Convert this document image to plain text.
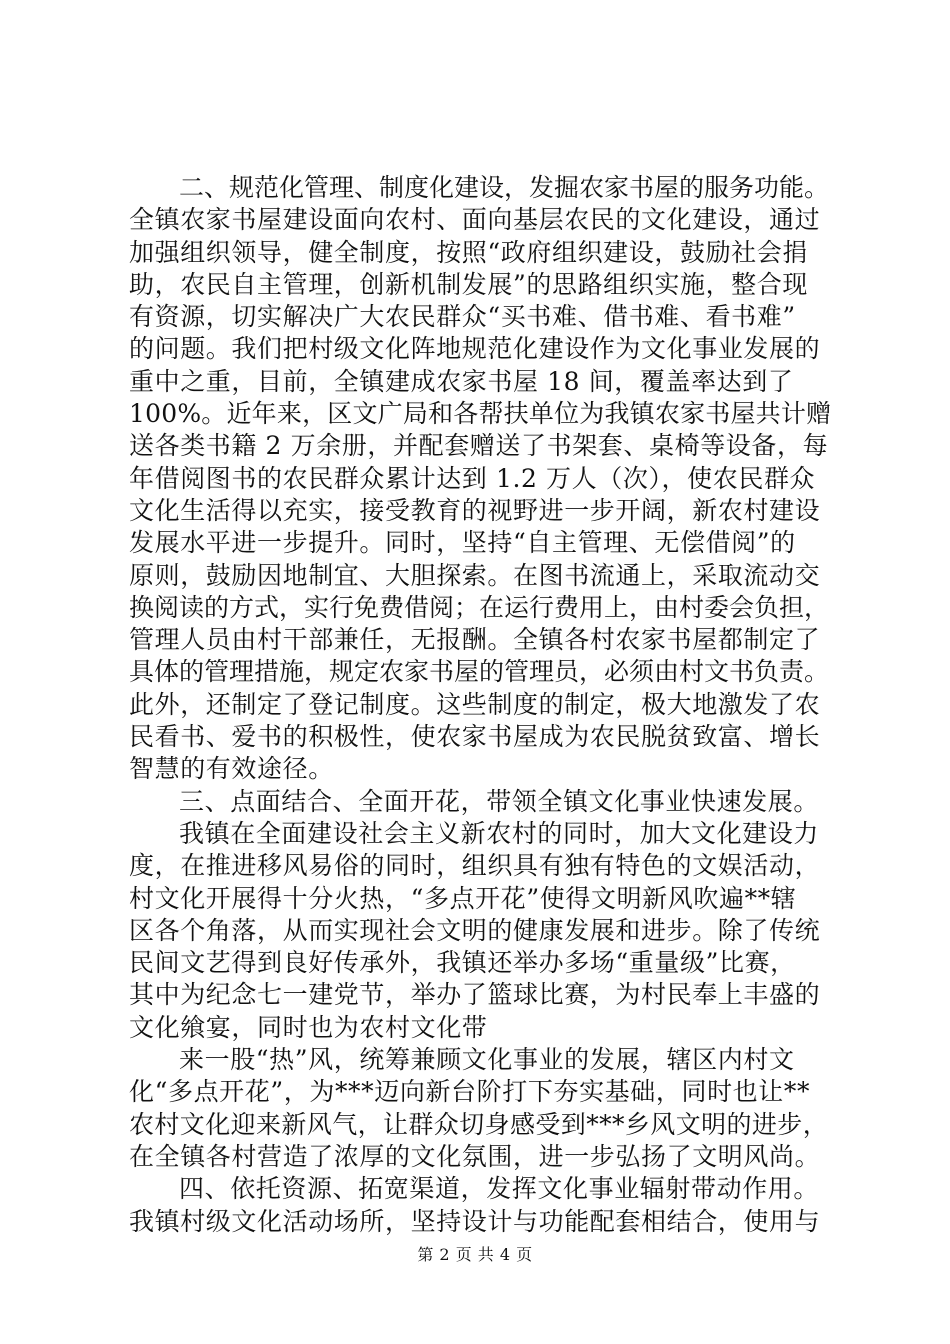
二、规范化管理、制度化建设，发掘农家书屋的服务功能。
全镇农家书屋建设面向农村、面向基层农民的文化建设，通过
加强组织领导，健全制度，按照“政府组织建设，鼓励社会捐
助，农民自主管理，创新机制发展”的思路组织实施，整合现
有资源，切实解决广大农民群众“买书难、借书难、看书难”
的问题。我们把村级文化阵地规范化建设作为文化事业发展的
重中之重，目前，全镇建成农家书屋 18 间，覆盖率达到了
100%。近年来，区文广局和各帮扶单位为我镇农家书屋共计赠
送各类书籍 2 万余册，并配套赠送了书架套、桌椅等设备，每
年借阅图书的农民群众累计达到 1.2 万人（次），使农民群众
文化生活得以充实，接受教育的视野进一步开阔，新农村建设
发展水平进一步提升。同时，坚持“自主管理、无偿借阅”的
原则，鼓励因地制宜、大胆探索。在图书流通上，采取流动交
换阅读的方式，实行免费借阅；在运行费用上，由村委会负担，
管理人员由村干部兼任，无报酬。全镇各村农家书屋都制定了
具体的管理措施，规定农家书屋的管理员，必须由村文书负责。
此外，还制定了登记制度。这些制度的制定，极大地激发了农
民看书、爱书的积极性，使农家书屋成为农民脱贫致富、增长
智慧的有效途径。
三、点面结合、全面开花，带领全镇文化事业快速发展。
我镇在全面建设社会主义新农村的同时，加大文化建设力
度，在推进移风易俗的同时，组织具有独有特色的文娱活动，
村文化开展得十分火热，“多点开花”使得文明新风吹遍**辖
区各个角落，从而实现社会文明的健康发展和进步。除了传统
民间文艺得到良好传承外，我镇还举办多场“重量级”比赛，
其中为纪念七一建党节，举办了篮球比赛，为村民奉上丰盛的
文化飨宴，同时也为农村文化带
来一股“热”风，统筹兼顾文化事业的发展，辖区内村文
化“多点开花”，为***迈向新台阶打下夯实基础，同时也让**
农村文化迎来新风气，让群众切身感受到***乡风文明的进步，
在全镇各村营造了浓厚的文化氛围，进一步弘扬了文明风尚。
四、依托资源、拓宽渠道，发挥文化事业辐射带动作用。
我镇村级文化活动场所，坚持设计与功能配套相结合，使用与
第 2 页 共 4 页
